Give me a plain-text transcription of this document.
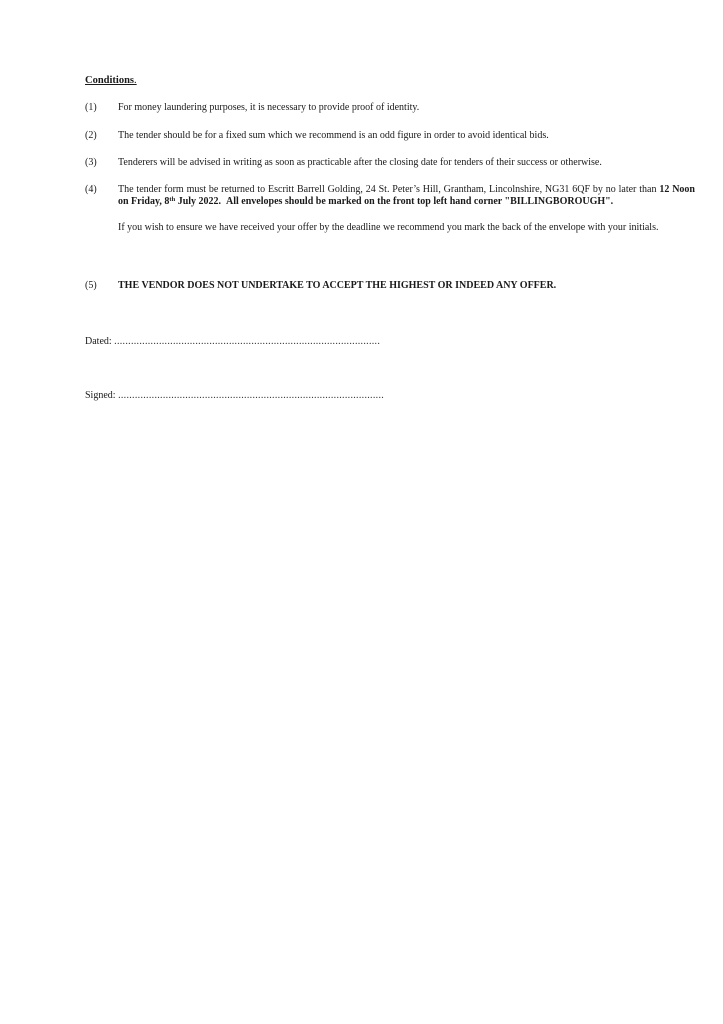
Conditions.

(1)	For money laundering purposes, it is necessary to provide proof of identity.
(2)	The tender should be for a fixed sum which we recommend is an odd figure in order to avoid identical bids.
(3)	Tenderers will be advised in writing as soon as practicable after the closing date for tenders of their success or otherwise.
(4)	The tender form must be returned to Escritt Barrell Golding, 24 St. Peter’s Hill, Grantham, Lincolnshire, NG31 6QF by no later than 12 Noon on Friday, 8th July 2022. All envelopes should be marked on the front top left hand corner "BILLINGBOROUGH".
If you wish to ensure we have received your offer by the deadline we recommend you mark the back of the envelope with your initials.
(5)	THE VENDOR DOES NOT UNDERTAKE TO ACCEPT THE HIGHEST OR INDEED ANY OFFER.
Dated: ...............................................................................................
Signed: ...............................................................................................
